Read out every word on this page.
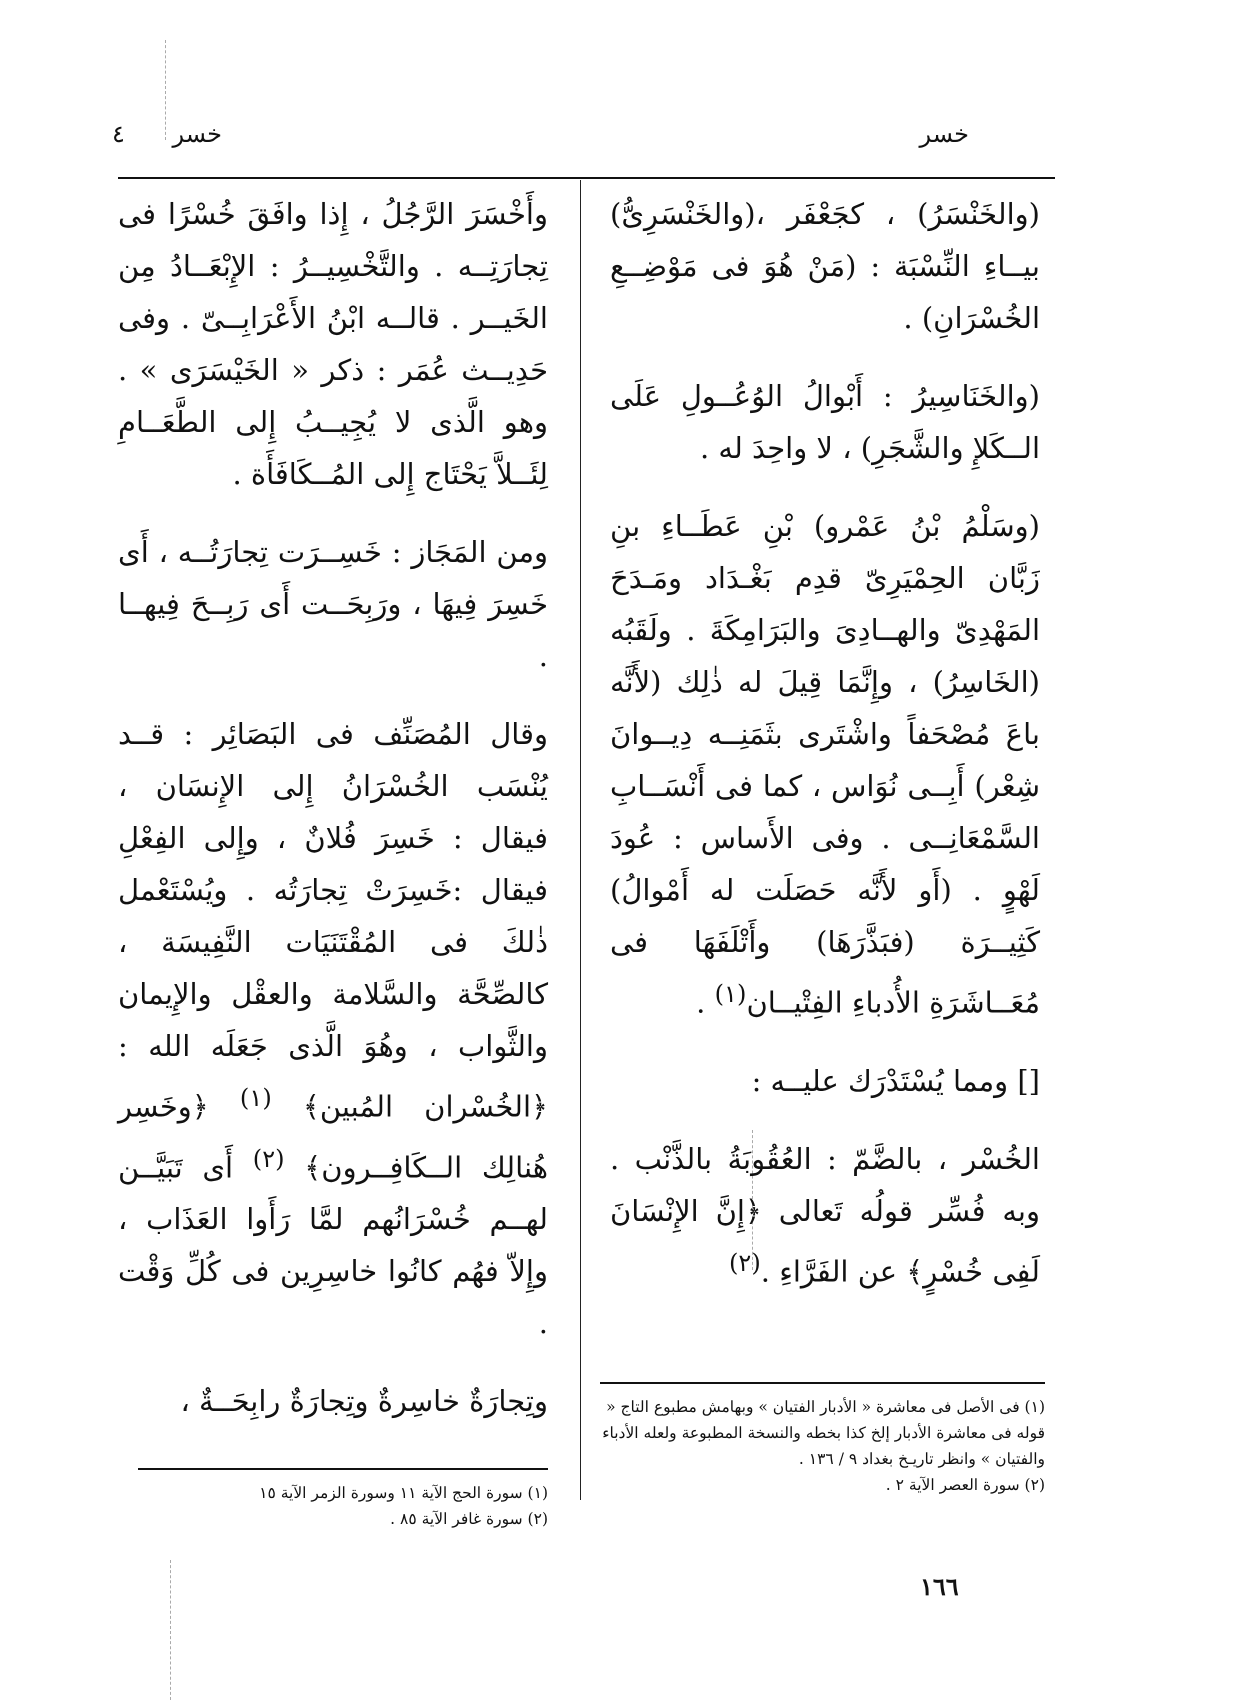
خسر
خسر
٤

(والخَنْسَرُ) ، كجَعْفَر ،(والخَنْسَرِىُّ) بيــاءِ النِّسْبَة : (مَنْ هُوَ فى مَوْضِــعِ الخُسْرَانِ) .

(والخَنَاسِيرُ : أَبْوالُ الوُعُــولِ عَلَى الــكَلإِ والشَّجَرِ) ، لا واحِدَ له .

(وسَلْمُ بْنُ عَمْرو) بْنِ عَطَــاءِ بنِ زَبَّان الحِمْيَرِىّ قدِم بَغْـدَاد ومَـدَحَ المَهْدِىّ والهــادِىَ والبَرَامِكَةَ . ولَقَبُه (الخَاسِرُ) ، وإِنَّمَا قِيلَ له ذٰلِك (لأَنَّه باعَ مُصْحَفاً واشْتَرى بثَمَنِــه دِيــوانَ شِعْر) أَبِــى نُوَاس ، كما فى أَنْسَــابِ السَّمْعَانِــى . وفى الأَساس : عُودَ لَهْوٍ . (أَو لأَنَّه حَصَلَت له أَمْوالُ) كَثِيــرَة (فبَذَّرَهَا) وأَتْلَفَهَا فى مُعَــاشَرَةِ الأُدباءِ الفِتْيــان$^{(١)}$ .

[] ومما يُسْتَدْرَك عليــه :

الخُسْر ، بالضَّمّ : العُقُوبَةُ بالذَّنْب . وبه فُسِّر قولُه تَعالى ﴿إِنَّ الإِنْسَانَ لَفِى خُسْرٍ﴾ عن الفَرَّاءِ .$^{(٢)}$

وأَخْسَرَ الرَّجُلُ ، إِذا وافَقَ خُسْرًا فى تِجارَتِــه . والتَّخْسِيــرُ : الإِبْعَــادُ مِن الخَيــر . قالــه ابْنُ الأَعْرَابِــىّ . وفى حَدِيــث عُمَر : ذكر « الخَيْسَرَى » . وهو الَّذى لا يُجِيــبُ إِلى الطَّعَــامِ لِئَــلاَّ يَحْتَاج إِلى المُــكَافَأَة .

ومن المَجَاز : خَسِــرَت تِجارَتُــه ، أَى خَسِرَ فِيهَا ، ورَبِحَــت أَى رَبِــحَ فِيهــا .

وقال المُصَنِّف فى البَصَائِر : قــد يُنْسَب الخُسْرَانُ إِلى الإِنسَان ، فيقال : خَسِرَ فُلانٌ ، وإِلى الفِعْلِ فيقال :خَسِرَتْ تِجارَتُه . ويُسْتَعْمل ذٰلكَ فى المُقْتَنَيَات النَّفِيسَة ، كالصِّحَّة والسَّلامة والعقْل والإِيمان والثَّواب ، وهُوَ الَّذى جَعَلَه الله : ﴿الخُسْران المُبين﴾ $^{(١)}$ ﴿وخَسِر هُنالِك الــكَافِــرون﴾ $^{(٢)}$ أَى تَبَيَّــن لهــم خُسْرَانُهم لمَّا رَأَوا العَذَاب ، وإِلاّ فهُم كانُوا خاسِرِين فى كُلِّ وَقْت .

وتِجارَةٌ خاسِرةٌ وتِجارَةٌ رابِحَــةٌ ،	(١) فى الأصل فى معاشرة « الأدبار الفتيان » وبهامش مطبوع التاج « قوله فى معاشرة الأدبار إلخ كذا بخطه والنسخة المطبوعة ولعله الأدباء والفتيان » وانظر تاريـخ بغداد ٩ / ١٣٦ .

(٢) سورة العصر الآية ٢ .

(١) سورة الحج الآية ١١ وسورة الزمر الآية ١٥

(٢) سورة غافر الآية ٨٥ .

١٦٦
